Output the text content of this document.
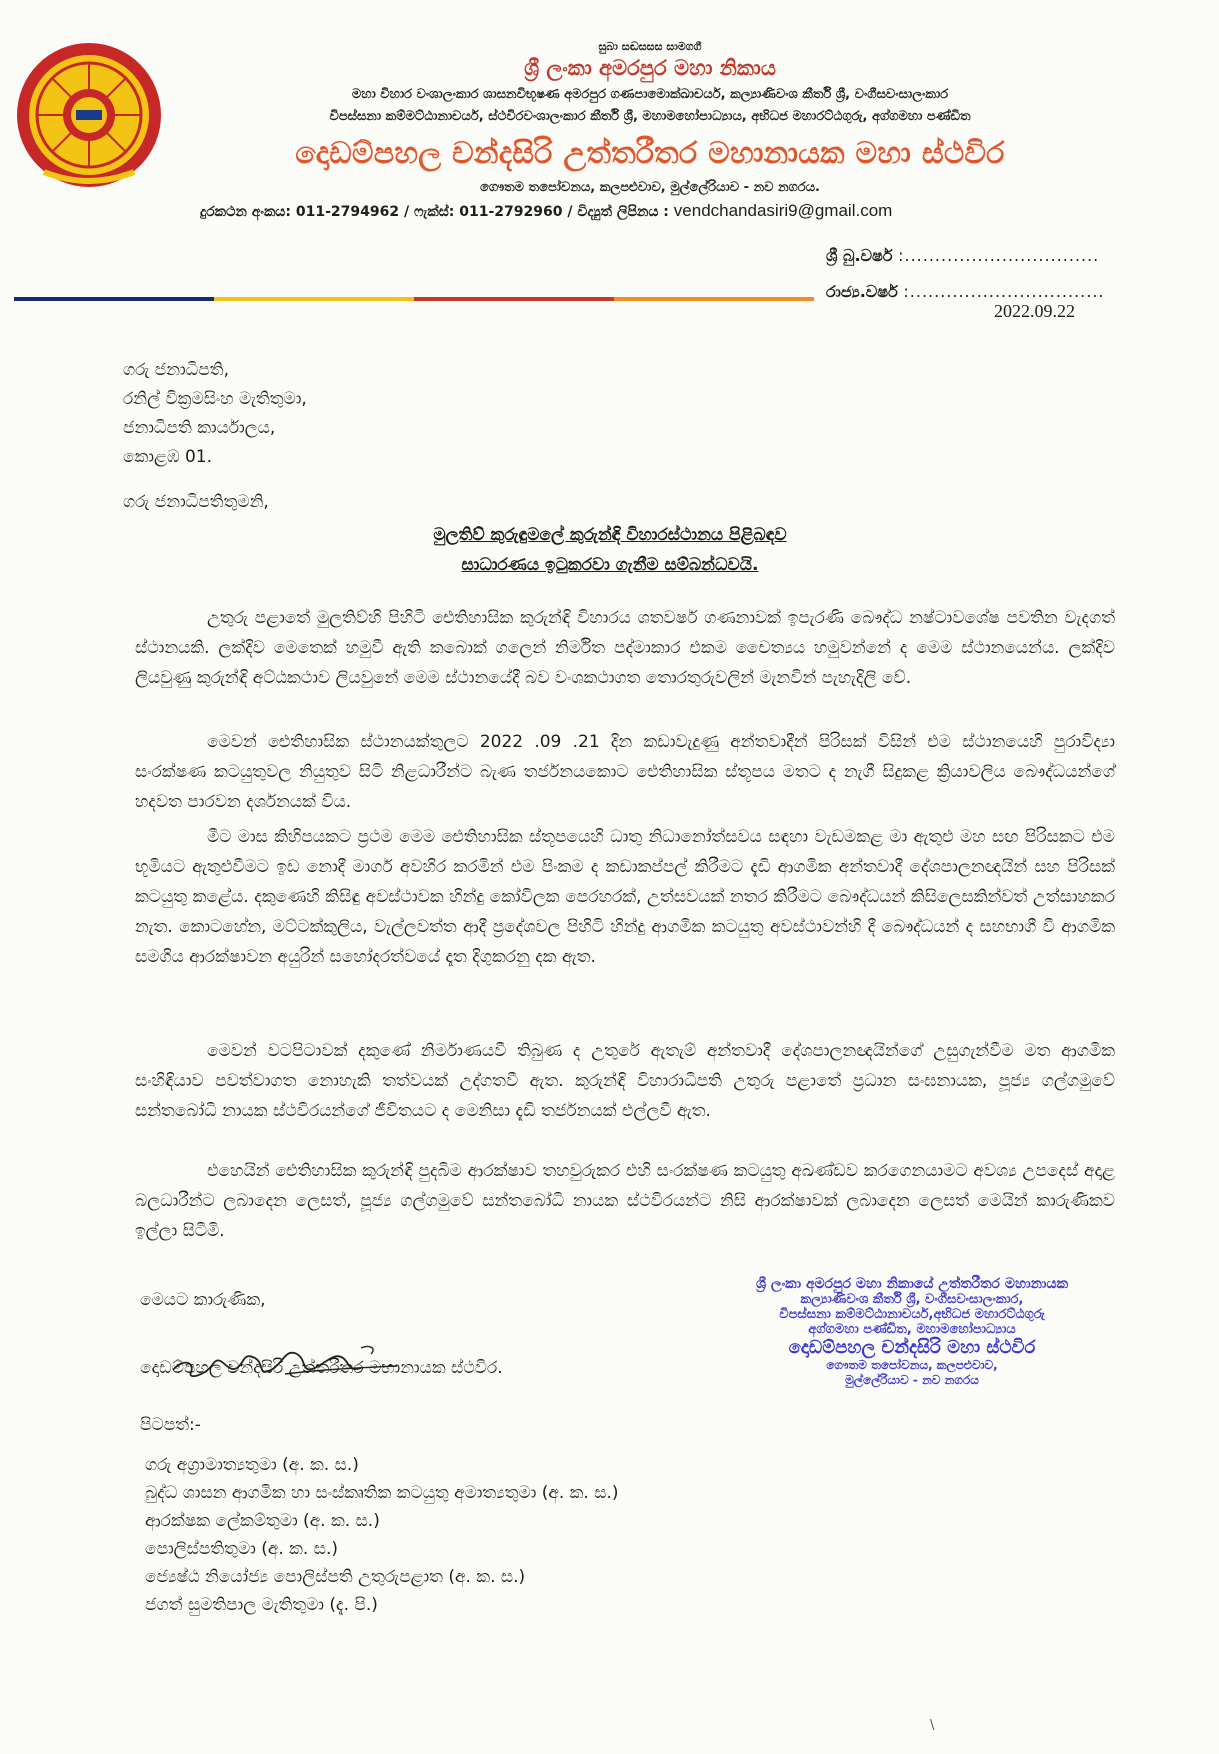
සුබා සඬසසස සාමගගී
ශ්‍රී ලංකා අමරපුර මහා නිකාය
මහා විහාර වංශාලංකාර ශාසනවිභූෂණ අමරපුර ගණපාමොක්ඛාචර්ය, කල්‍යාණිවංශ කීර්ති ශ්‍රී, වංගීසවංසාලංකාර
විපස්සනා කම්මට්ඨානාචර්ය, ස්ථවිරවංශාලංකාර කීර්ති ශ්‍රී, මහාමහෝපාධ්‍යාය, අභිධජ මහාරට්ඨගුරු, අග්ගමහා පණ්ඩිත
දොඩම්පහල චන්දසිරි උත්තරීතර මහානායක මහා ස්ථවිර
ගෞතම තපෝවනය, කලපළුවාව, මුල්ලේරියාව - නව නගරය.
දුරකථන අංකය: 011-2794962 / ෆැක්ස්: 011-2792960 / විද්‍යුත් ලිපිනය : vendchandasiri9@gmail.com
ශ්‍රී බු.වර්ෂ :................................
රාජ්‍ය.වර්ෂ :................................
2022.09.22
ගරු ජනාධිපති,
රනිල් වික්‍රමසිංහ මැතිතුමා,
ජනාධිපති කාර්යාලය,
කොළඹ 01.
ගරු ජනාධිපතිතුමනි,
මුලතිව් කුරුඳුමලේ කුරුන්ඳි විහාරස්ථානය පිළිබඳව
සාධාරණය ඉටුකරවා ගැනීම සම්බන්ධවයි.
උතුරු පළාතේ මුලතිව්හි පිහිටි ඓතිහාසික කුරුන්ඳි විහාරය ශතවර්ෂ ගණනාවක් ඉපැරණි බෞද්ධ නෂ්ටාවශේෂ පවතින වැදගත් ස්ථානයකි. ලක්දිව මෙතෙක් හමුවී ඇති කබොක් ගලෙන් නිර්මිත පද්මාකාර එකම චෛත්‍යය හමුවන්නේ ද මෙම ස්ථානයෙන්ය. ලක්දිව ලියවුණු කුරුන්ඳි අට්ඨකථාව ලියවුනේ මෙම ස්ථානයේදී බව වංශකථාගත තොරතුරුවලින් මැනවින් පැහැදිලි වේ.
මෙවන් ඓතිහාසික ස්ථානයක්තුලට 2022 .09 .21 දින කඩාවැදුණු අන්තවාදීන් පිරිසක් විසින් එම ස්ථානයෙහි පුරාවිද්‍යා සංරක්ෂණ කටයුතුවල නියුතුව සිටි නිළධාරීන්ට බැණ තර්ජනයකොට ඓතිහාසික ස්තූපය මතට ද නැගී සිදුකළ ක්‍රියාවලිය බෞද්ධයන්ගේ හදවත පාරවන දර්ශනයක් විය.
මීට මාස කිහිපයකට ප්‍රථම මෙම ඓතිහාසික ස්තූපයෙහි ධාතු නිධානෝත්සවය සඳහා වැඩමකළ මා ඇතුළු මහ සඟ පිරිසකට එම භූමියට ඇතුළුවීමට ඉඩ නොදී මාර්ග අවහිර කරමින් එම පිංකම ද කඩාකප්පල් කිරීමට දැඩි ආගමික අන්තවාදී දේශපාලනඥයින් සහ පිරිසක් කටයුතු කළේය. දකුණෙහි කිසිඳු අවස්ථාවක හින්දු කෝවිලක පෙරහරක්, උත්සවයක් නතර කිරීමට බෞද්ධයන් කිසිලෙසකින්වත් උත්සාහකර නැත. කොටහේන, මට්ටක්කුලිය, වැල්ලවත්ත ආදී ප්‍රදේශවල පිහිටි හින්දු ආගමික කටයුතු අවස්ථාවන්හි දී බෞද්ධයන් ද සහභාගී වී ආගමික සමගිය ආරක්ෂාවන අයුරින් සහෝදරත්වයේ දෑත දිගුකරනු දක ඇත.
මෙවන් වටපිටාවක් දකුණේ නිර්මාණයවී තිබුණ ද උතුරේ ඇතැම් අන්තවාදී දේශපාලනඥයින්ගේ උසුගැන්වීම මත ආගමික සංහිඳියාව පවත්වාගත නොහැකි තත්වයක් උද්ගතවී ඇත. කුරුන්ඳි විහාරාධිපති උතුරු පළාතේ ප්‍රධාන සංඝනායක, පූජ්‍ය ගල්ගමුවේ සන්තබෝධි නායක ස්ථවිරයන්ගේ ජීවිතයට ද මෙනිසා දැඩි තර්ජනයක් එල්ලවී ඇත.
එහෙයින් ඓතිහාසික කුරුන්ඳි පුදබිම ආරක්ෂාව තහවුරුකර එහි සංරක්ෂණ කටයුතු අඛණ්ඩව කරගෙනයාමට අවශ්‍ය උපදෙස් අදාළ බලධාරීන්ට ලබාදෙන ලෙසත්, පූජ්‍ය ගල්ගමුවේ සන්තබෝධි නායක ස්ථවිරයන්ට නිසි ආරක්ෂාවක් ලබාදෙන ලෙසත් මෙයින් කාරුණිකව ඉල්ලා සිටිමි.
මෙයට කාරුණික,
දොඩම්පහල චන්දසිරි උත්තරීතර මහානායක ස්ථවිර.
පිටපත්:-
ගරු අග්‍රාමාත්‍යතුමා (අ. ක. ස.)
බුද්ධ ශාසන ආගමික හා සංස්කෘතික කටයුතු අමාත්‍යතුමා (අ. ක. ස.)
ආරක්ෂක ලේකම්තුමා (අ. ක. ස.)
පොලිස්පතිතුමා (අ. ක. ස.)
ජ්‍යෙෂ්ඨ නියෝජ්‍ය පොලිස්පති උතුරුපළාත (අ. ක. ස.)
ජගත් සුමතිපාල මැතිතුමා (දැ. පි.)
ශ්‍රී ලංකා අමරපුර මහා නිකායේ උත්තරීතර මහානායක
කල්‍යාණිවංශ කීර්ති ශ්‍රී, වංගීසවංසාලංකාර,
විපස්සනා කම්මට්ඨානාචර්ය,අභිධජ මහාරට්ඨගුරු
අග්ගමහා පණ්ඩිත, මහාමහෝපාධ්‍යාය
දොඩම්පහල චන්දසිරි මහා ස්ථවිර
ගෞතම තපෝවනය, කලපළුවාව,
මුල්ලේරියාව - නව නගරය
\
